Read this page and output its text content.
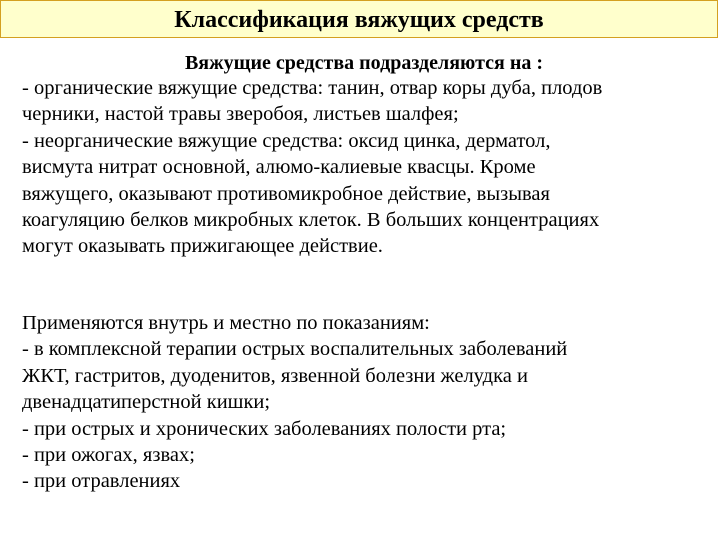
Классификация вяжущих средств
Вяжущие средства подразделяются на :
- органические вяжущие средства: танин, отвар коры дуба, плодов
черники, настой травы зверобоя, листьев шалфея;
- неорганические вяжущие средства: оксид цинка, дерматол,
висмута нитрат основной, алюмо-калиевые квасцы. Кроме
вяжущего, оказывают противомикробное действие, вызывая
коагуляцию белков микробных клеток. В больших концентрациях
могут оказывать прижигающее действие.
Применяются внутрь и местно по показаниям:
- в комплексной терапии острых воспалительных заболеваний
ЖКТ, гастритов, дуоденитов, язвенной болезни желудка и
двенадцатиперстной кишки;
- при острых и хронических заболеваниях полости рта;
- при ожогах, язвах;
- при отравлениях
